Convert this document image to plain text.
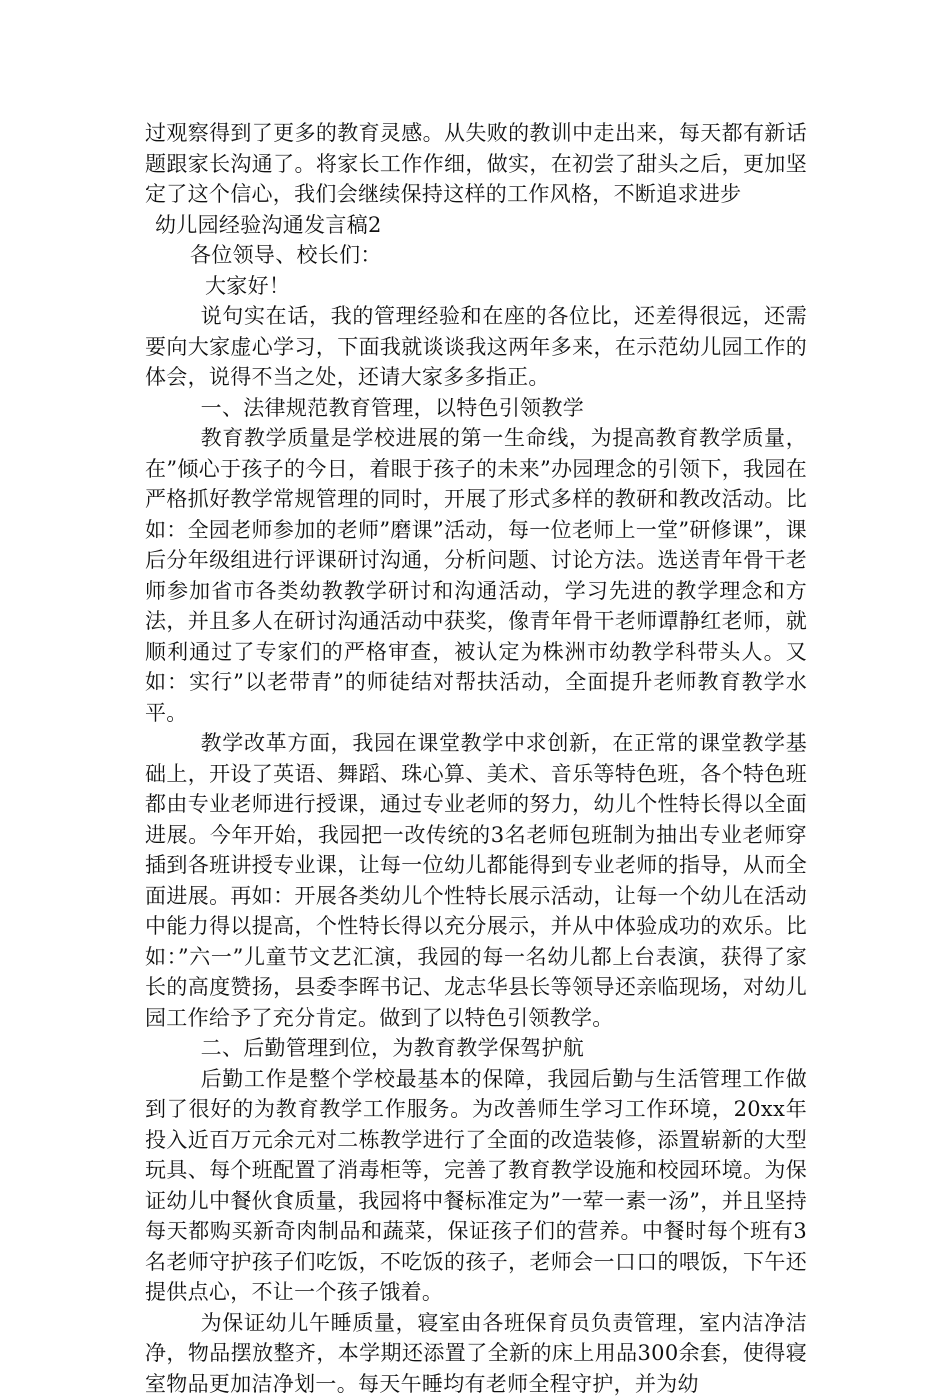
过观察得到了更多的教育灵感。从失败的教训中走出来，每天都有新话题跟家长沟通了。将家长工作作细，做实，在初尝了甜头之后，更加坚定了这个信心，我们会继续保持这样的工作风格，不断追求进步

幼儿园经验沟通发言稿2

各位领导、校长们：

大家好！

说句实在话，我的管理经验和在座的各位比，还差得很远，还需要向大家虚心学习，下面我就谈谈我这两年多来，在示范幼儿园工作的体会，说得不当之处，还请大家多多指正。

一、法律规范教育管理，以特色引领教学

教育教学质量是学校进展的第一生命线，为提高教育教学质量，在”倾心于孩子的今日，着眼于孩子的未来”办园理念的引领下，我园在严格抓好教学常规管理的同时，开展了形式多样的教研和教改活动。比如：全园老师参加的老师”磨课”活动，每一位老师上一堂”研修课”，课后分年级组进行评课研讨沟通，分析问题、讨论方法。选送青年骨干老师参加省市各类幼教教学研讨和沟通活动，学习先进的教学理念和方法，并且多人在研讨沟通活动中获奖，像青年骨干老师谭静红老师，就顺利通过了专家们的严格审查，被认定为株洲市幼教学科带头人。又如：实行”以老带青”的师徒结对帮扶活动，全面提升老师教育教学水平。

教学改革方面，我园在课堂教学中求创新，在正常的课堂教学基础上，开设了英语、舞蹈、珠心算、美术、音乐等特色班，各个特色班都由专业老师进行授课，通过专业老师的努力，幼儿个性特长得以全面进展。今年开始，我园把一改传统的3名老师包班制为抽出专业老师穿插到各班讲授专业课，让每一位幼儿都能得到专业老师的指导，从而全面进展。再如：开展各类幼儿个性特长展示活动，让每一个幼儿在活动中能力得以提高，个性特长得以充分展示，并从中体验成功的欢乐。比如：”六一”儿童节文艺汇演，我园的每一名幼儿都上台表演，获得了家长的高度赞扬，县委李晖书记、龙志华县长等领导还亲临现场，对幼儿园工作给予了充分肯定。做到了以特色引领教学。

二、后勤管理到位，为教育教学保驾护航

后勤工作是整个学校最基本的保障，我园后勤与生活管理工作做到了很好的为教育教学工作服务。为改善师生学习工作环境，20xx年投入近百万元余元对二栋教学进行了全面的改造装修，添置崭新的大型玩具、每个班配置了消毒柜等，完善了教育教学设施和校园环境。为保证幼儿中餐伙食质量，我园将中餐标准定为”一荤一素一汤”，并且坚持每天都购买新奇肉制品和蔬菜，保证孩子们的营养。中餐时每个班有3名老师守护孩子们吃饭，不吃饭的孩子，老师会一口口的喂饭，下午还提供点心，不让一个孩子饿着。

为保证幼儿午睡质量，寝室由各班保育员负责管理，室内洁净洁净，物品摆放整齐，本学期还添置了全新的床上用品300余套，使得寝室物品更加洁净划一。每天午睡均有老师全程守护，并为幼
